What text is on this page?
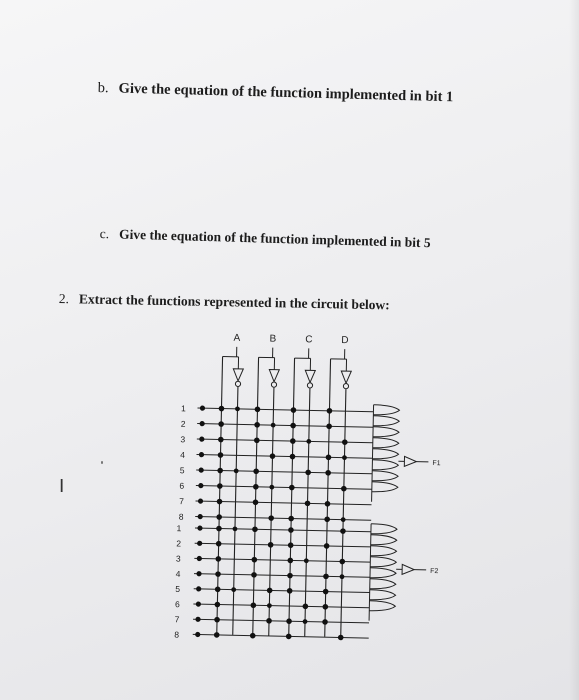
b. Give the equation of the function implemented in bit 1
c. Give the equation of the function implemented in bit 5
2. Extract the functions represented in the circuit below:
I
A	B	C	D
1
2
3
4
5
6
7
8
1
2
3
4
5
6
7
8
F1
F2
